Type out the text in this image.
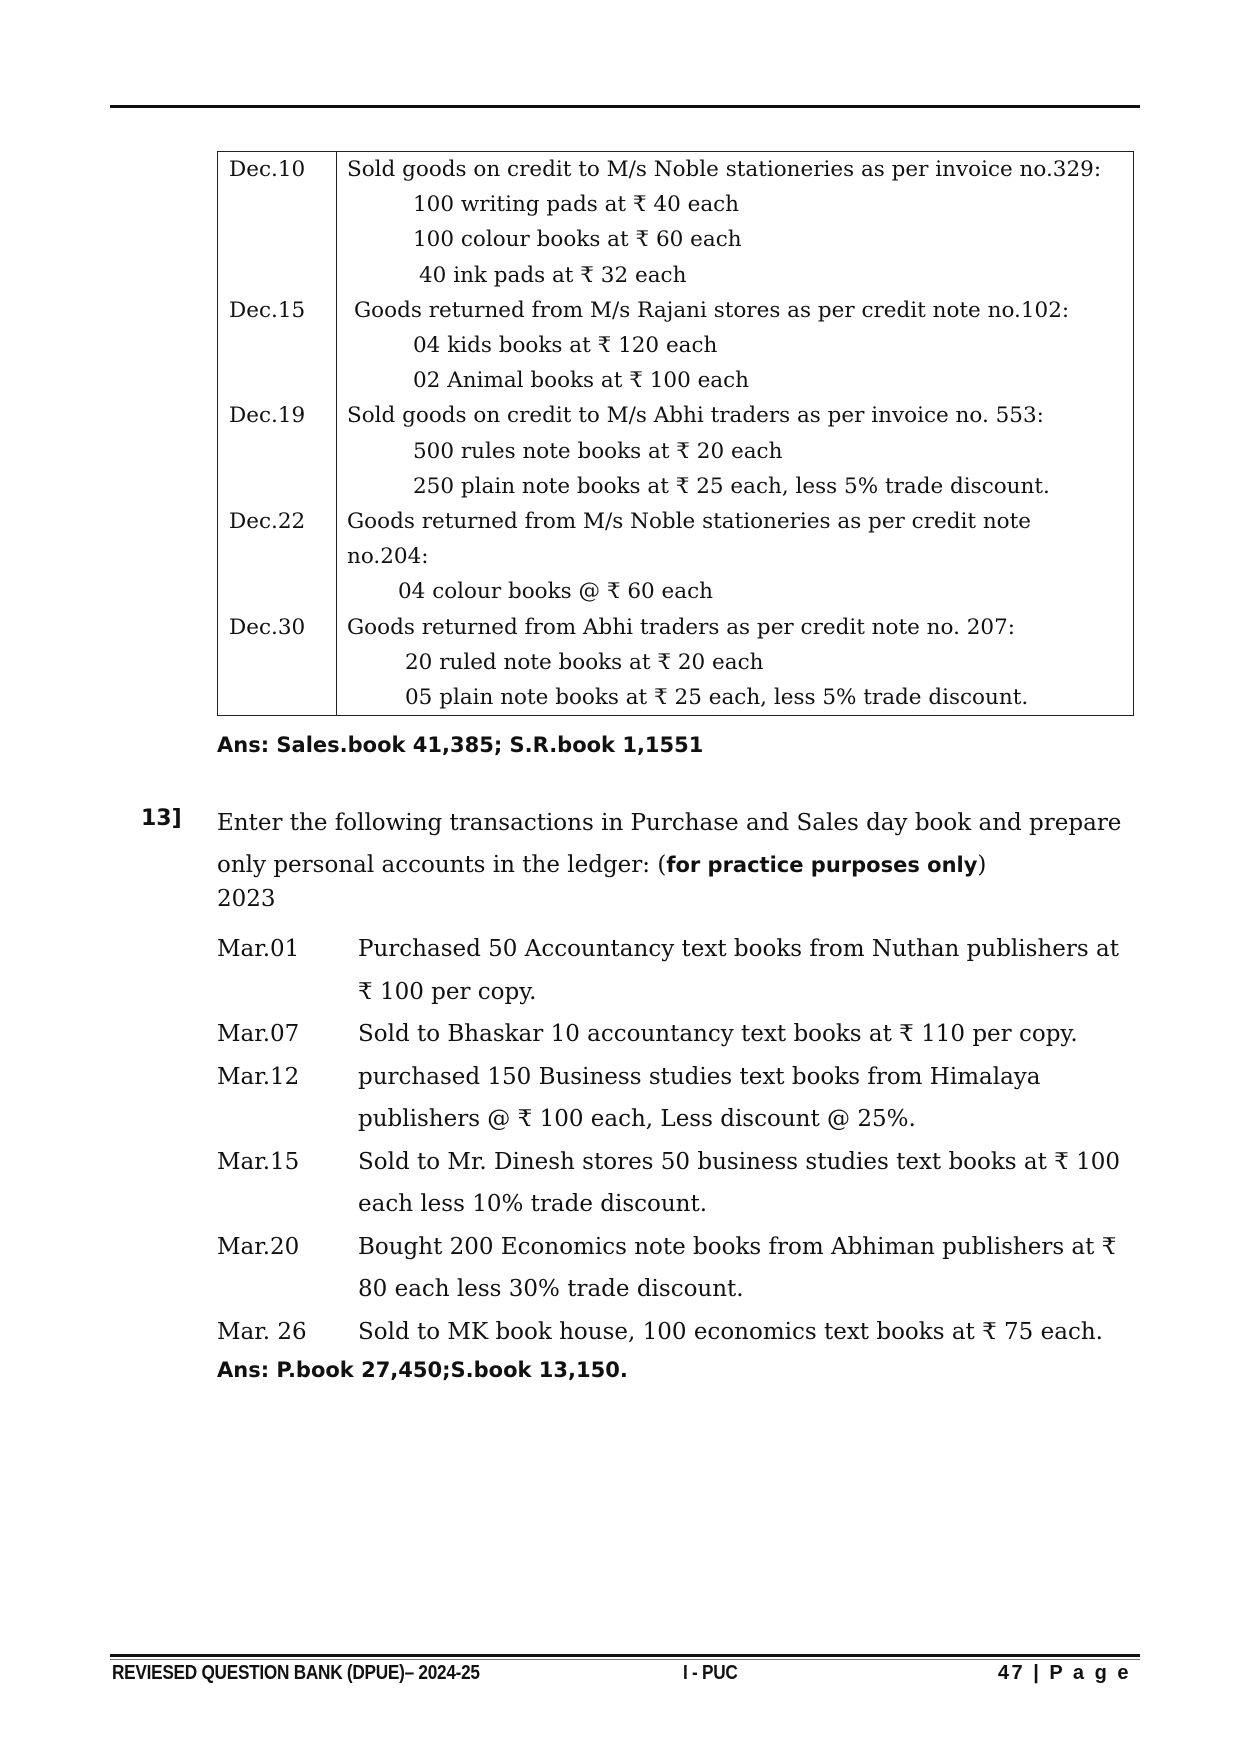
Dec.10	Sold goods on credit to M/s Noble stationeries as per invoice no.329:
100 writing pads at ₹ 40 each
100 colour books at ₹ 60 each
40 ink pads at ₹ 32 each

Dec.15	Goods returned from M/s Rajani stores as per credit note no.102:
04 kids books at ₹ 120 each
02 Animal books at ₹ 100 each

Dec.19	Sold goods on credit to M/s Abhi traders as per invoice no. 553:
500 rules note books at ₹ 20 each
250 plain note books at ₹ 25 each, less 5% trade discount.

Dec.22	Goods returned from M/s Noble stationeries as per credit note
no.204:
04 colour books @ ₹ 60 each

Dec.30	Goods returned from Abhi traders as per credit note no. 207:
20 ruled note books at ₹ 20 each
05 plain note books at ₹ 25 each, less 5% trade discount.
Ans: Sales.book 41,385; S.R.book 1,1551
13] Enter the following transactions in Purchase and Sales day book and prepare only personal accounts in the ledger: (for practice purposes only)
2023
Mar.01	Purchased 50 Accountancy text books from Nuthan publishers at ₹ 100 per copy.
Mar.07	Sold to Bhaskar 10 accountancy text books at ₹ 110 per copy.
Mar.12	purchased 150 Business studies text books from Himalaya publishers @ ₹ 100 each, Less discount @ 25%.
Mar.15	Sold to Mr. Dinesh stores 50 business studies text books at ₹ 100 each less 10% trade discount.
Mar.20	Bought 200 Economics note books from Abhiman publishers at ₹ 80 each less 30% trade discount.
Mar. 26	Sold to MK book house, 100 economics text books at ₹ 75 each.
Ans: P.book 27,450;S.book 13,150.
REVIESED QUESTION BANK (DPUE)– 2024-25	I - PUC	47 | P a g e
